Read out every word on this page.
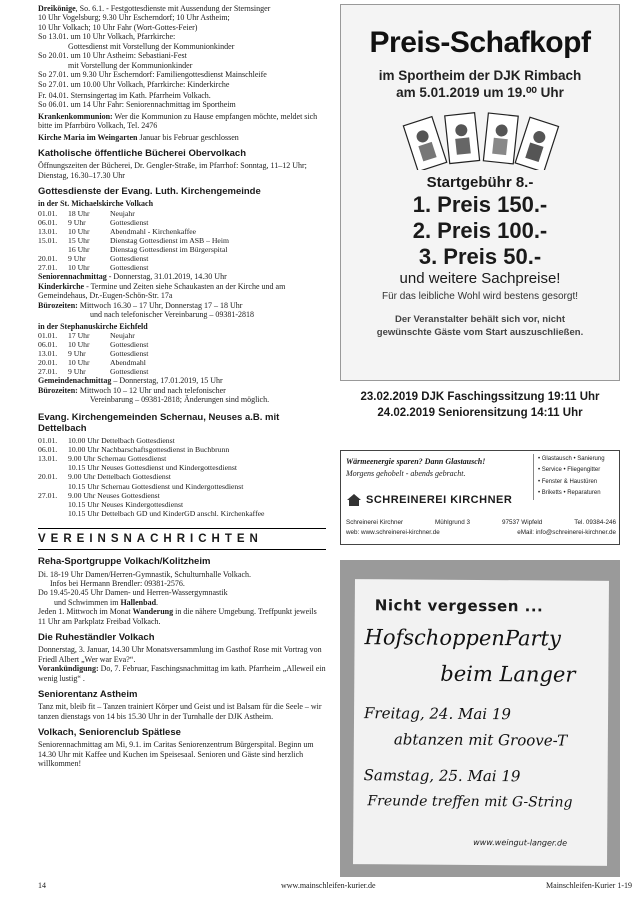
Dreikönige, So. 6.1. - Festgottesdienste mit Aussendung der Sternsinger

10 Uhr Vogelsburg; 9.30 Uhr Escherndorf; 10 Uhr Astheim;

10 Uhr Volkach; 10 Uhr Fahr (Wort-Gottes-Feier)

So 13.01. um 10 Uhr Volkach, Pfarrkirche:

Gottesdienst mit Vorstellung der Kommunionkinder

So 20.01. um 10 Uhr Astheim: Sebastiani-Fest

mit Vorstellung der Kommunionkinder

So 27.01. um 9.30 Uhr Escherndorf: Familiengottesdienst Mainschleife

So 27.01. um 10.00 Uhr Volkach, Pfarrkirche: Kinderkirche

Fr. 04.01. Sternsingertag im Kath. Pfarrheim Volkach.

So 06.01. um 14 Uhr Fahr: Seniorennachmittag im Sportheim

Krankenkommunion: Wer die Kommunion zu Hause empfangen möchte, meldet sich bitte im Pfarrbüro Volkach, Tel. 2476

Kirche Maria im Weingarten Januar bis Februar geschlossen

Katholische öffentliche Bücherei Obervolkach

Öffnungszeiten der Bücherei, Dr. Gengler-Straße, im Pfarrhof: Sonntag, 11–12 Uhr; Dienstag, 16.30–17.30 Uhr

Gottesdienste der Evang. Luth. Kirchengemeinde
in der St. Michaelskirche Volkach
01.01.	18 Uhr	Neujahr
06.01.	9 Uhr	Gottesdienst
13.01.	10 Uhr	Abendmahl - Kirchenkaffee
15.01.	15 Uhr	Dienstag Gottesdienst im ASB – Heim
	16 Uhr	Dienstag Gottesdienst im Bürgerspital
20.01.	9 Uhr	Gottesdienst
27.01.	10 Uhr	Gottesdienst

Seniorennachmittag - Donnerstag, 31.01.2019, 14.30 Uhr

Kinderkirche - Termine und Zeiten siehe Schaukasten an der Kirche und am Gemeindehaus, Dr.-Eugen-Schön-Str. 17a

Bürozeiten: Mittwoch 16.30 – 17 Uhr, Donnerstag 17 – 18 Uhr

und nach telefonischer Vereinbarung – 09381-2818

in der Stephanuskirche Eichfeld
01.01.	17 Uhr	Neujahr
06.01.	10 Uhr	Gottesdienst
13.01.	9 Uhr	Gottesdienst
20.01.	10 Uhr	Abendmahl
27.01.	9 Uhr	Gottesdienst

Gemeindenachmittag – Donnerstag, 17.01.2019, 15 Uhr

Bürozeiten: Mittwoch 10 – 12 Uhr und nach telefonischer

Vereinbarung – 09381-2818; Änderungen sind möglich.

Evang. Kirchengemeinden Schernau, Neuses a.B. mit Dettelbach
01.01.	10.00 Uhr Dettelbach Gottesdienst
06.01.	10.00 Uhr Nachbarschaftsgottesdienst in Buchbrunn
13.01.	9.00 Uhr Schernau Gottesdienst
	10.15 Uhr Neuses Gottesdienst und Kindergottesdienst
20.01.	9.00 Uhr Dettelbach Gottesdienst
	10.15 Uhr Schernau Gottesdienst und Kindergottesdienst
27.01.	9.00 Uhr Neuses Gottesdienst
	10.15 Uhr Neuses Kindergottesdienst
	10.15 Uhr Dettelbach GD und KinderGD anschl. Kirchenkaffee
VEREINSNACHRICHTEN
Reha-Sportgruppe Volkach/Kolitzheim

Di. 18-19 Uhr Damen/Herren-Gymnastik, Schulturnhalle Volkach.

Infos bei Hermann Brendler: 09381-2576.

Do 19.45-20.45 Uhr Damen- und Herren-Wassergymnastik

und Schwimmen im Hallenbad.

Jeden 1. Mittwoch im Monat Wanderung in die nähere Umgebung. Treffpunkt jeweils 11 Uhr am Parkplatz Freibad Volkach.

Die Ruheständler Volkach

Donnerstag, 3. Januar, 14.30 Uhr Monatsversammlung im Gasthof Rose mit Vortrag von Friedl Albert „Wer war Eva?“.

Vorankündigung: Do, 7. Februar, Faschingsnachmittag im kath. Pfarrheim „Alleweil ein wenig lustig“ .

Seniorentanz Astheim

Tanz mit, bleib fit – Tanzen trainiert Körper und Geist und ist Balsam für die Seele – wir tanzen dienstags von 14 bis 15.30 Uhr in der Turnhalle der DJK Astheim.

Volkach, Seniorenclub Spätlese

Seniorennachmittag am Mi, 9.1. im Caritas Seniorenzentrum Bürgerspital. Beginn um 14.30 Uhr mit Kaffee und Kuchen im Speisesaal. Senioren und Gäste sind herzlich willkommen!

Preis-Schafkopf
im Sportheim der DJK Rimbach
am 5.01.2019 um 19.⁰⁰ Uhr
Startgebühr 8.-
1. Preis 150.-
2. Preis 100.-
3. Preis 50.-
und weitere Sachpreise!
Für das leibliche Wohl wird bestens gesorgt!
Der Veranstalter behält sich vor, nicht
gewünschte Gäste vom Start auszuschließen.
23.02.2019 DJK Faschingssitzung 19:11 Uhr
24.02.2019 Seniorensitzung 14:11 Uhr
Wärmeenergie sparen? Dann Glastausch!
Morgens gehobelt - abends gebracht.
• Glastausch • Sanierung
• Service • Fliegengitter
• Fenster & Haustüren
• Briketts • Reparaturen
SCHREINEREI KIRCHNER
Schreinerei Kirchner	Mühlgrund 3	97537 Wipfeld	Tel. 09384-246
web: www.schreinerei-kirchner.de	eMail: info@schreinerei-kirchner.de
Nicht vergessen ...
HofschoppenParty
beim Langer
Freitag, 24. Mai 19
abtanzen mit Groove-T
Samstag, 25. Mai 19
Freunde treffen mit G-String
www.weingut-langer.de
14	www.mainschleifen-kurier.de	Mainschleifen-Kurier 1-19
